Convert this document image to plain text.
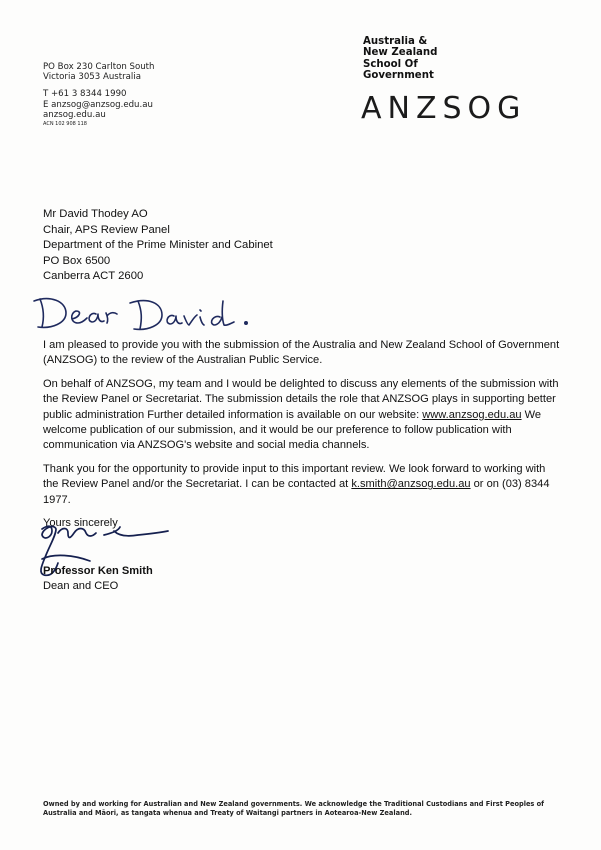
PO Box 230 Carlton South
Victoria 3053 Australia
T +61 3 8344 1990
E anzsog@anzsog.edu.au
anzsog.edu.au
ACN 102 908 118
Australia &
New Zealand
School Of
Government
ANZSOG
Mr David Thodey AO
Chair, APS Review Panel
Department of the Prime Minister and Cabinet
PO Box 6500
Canberra ACT 2600

I am pleased to provide you with the submission of the Australia and New Zealand School of Government (ANZSOG) to the review of the Australian Public Service.

On behalf of ANZSOG, my team and I would be delighted to discuss any elements of the submission with the Review Panel or Secretariat. The submission details the role that ANZSOG plays in supporting better public administration Further detailed information is available on our website: www.anzsog.edu.au We welcome publication of our submission, and it would be our preference to follow publication with communication via ANZSOG's website and social media channels.

Thank you for the opportunity to provide input to this important review. We look forward to working with the Review Panel and/or the Secretariat. I can be contacted at k.smith@anzsog.edu.au or on (03) 8344 1977.

Yours sincerely

Professor Ken Smith
Dean and CEO
Owned by and working for Australian and New Zealand governments. We acknowledge the Traditional Custodians and First Peoples of Australia and Māori, as tangata whenua and Treaty of Waitangi partners in Aotearoa-New Zealand.
